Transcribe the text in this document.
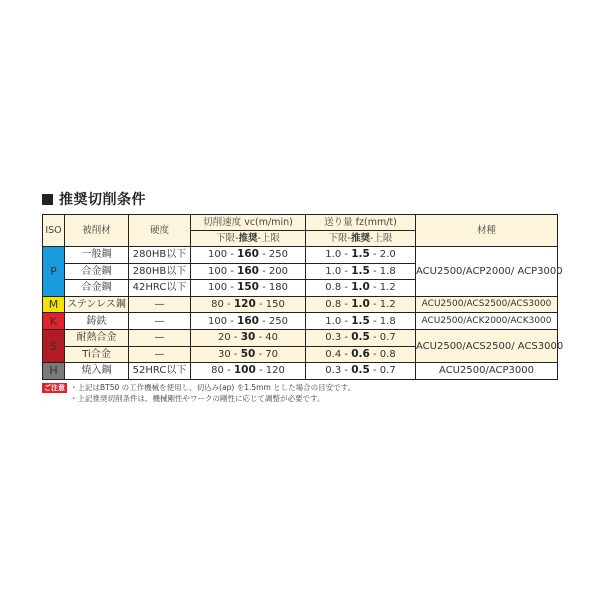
推奨切削条件
ISO	被削材	硬度	切削速度 vc(m/min)	送り量 fz(mm/t)	材種
			下限-推奨-上限	下限-推奨-上限	
P	一般鋼	280HB以下	100 - 160 - 250	1.0 - 1.5 - 2.0	ACU2500/ACP2000/ ACP3000
	合金鋼	280HB以下	100 - 160 - 200	1.0 - 1.5 - 1.8	
	合金鋼	42HRC以下	100 - 150 - 180	0.8 - 1.0 - 1.2	
M	ステンレス鋼	—	80 - 120 - 150	0.8 - 1.0 - 1.2	ACU2500/ACS2500/ACS3000
K	鋳鉄	—	100 - 160 - 250	1.0 - 1.5 - 1.8	ACU2500/ACK2000/ACK3000
S	耐熱合金	—	20 - 30 - 40	0.3 - 0.5 - 0.7	ACU2500/ACS2500/ ACS3000
	Ti合金	—	30 - 50 - 70	0.4 - 0.6 - 0.8	
H	焼入鋼	52HRC以下	80 - 100 - 120	0.3 - 0.5 - 0.7	ACU2500/ACP3000
ご注意 ・上記はBT50 の工作機械を使用し、切込み(ap) を1.5mm とした場合の目安です。
・上記推奨切削条件は、機械剛性やワークの剛性に応じて調整が必要です。
